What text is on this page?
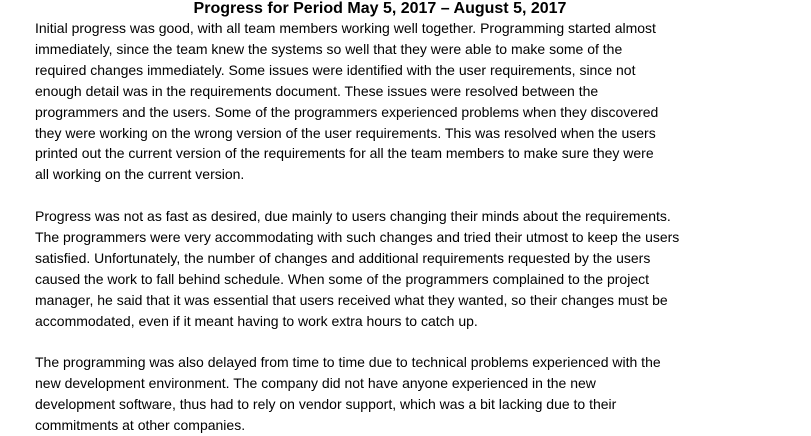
Progress for Period May 5, 2017 – August 5, 2017

Initial progress was good, with all team members working well together. Programming started almost
immediately, since the team knew the systems so well that they were able to make some of the
required changes immediately. Some issues were identified with the user requirements, since not
enough detail was in the requirements document. These issues were resolved between the
programmers and the users. Some of the programmers experienced problems when they discovered
they were working on the wrong version of the user requirements. This was resolved when the users
printed out the current version of the requirements for all the team members to make sure they were
all working on the current version.

Progress was not as fast as desired, due mainly to users changing their minds about the requirements.
The programmers were very accommodating with such changes and tried their utmost to keep the users
satisfied. Unfortunately, the number of changes and additional requirements requested by the users
caused the work to fall behind schedule. When some of the programmers complained to the project
manager, he said that it was essential that users received what they wanted, so their changes must be
accommodated, even if it meant having to work extra hours to catch up.

The programming was also delayed from time to time due to technical problems experienced with the
new development environment. The company did not have anyone experienced in the new
development software, thus had to rely on vendor support, which was a bit lacking due to their
commitments at other companies.
